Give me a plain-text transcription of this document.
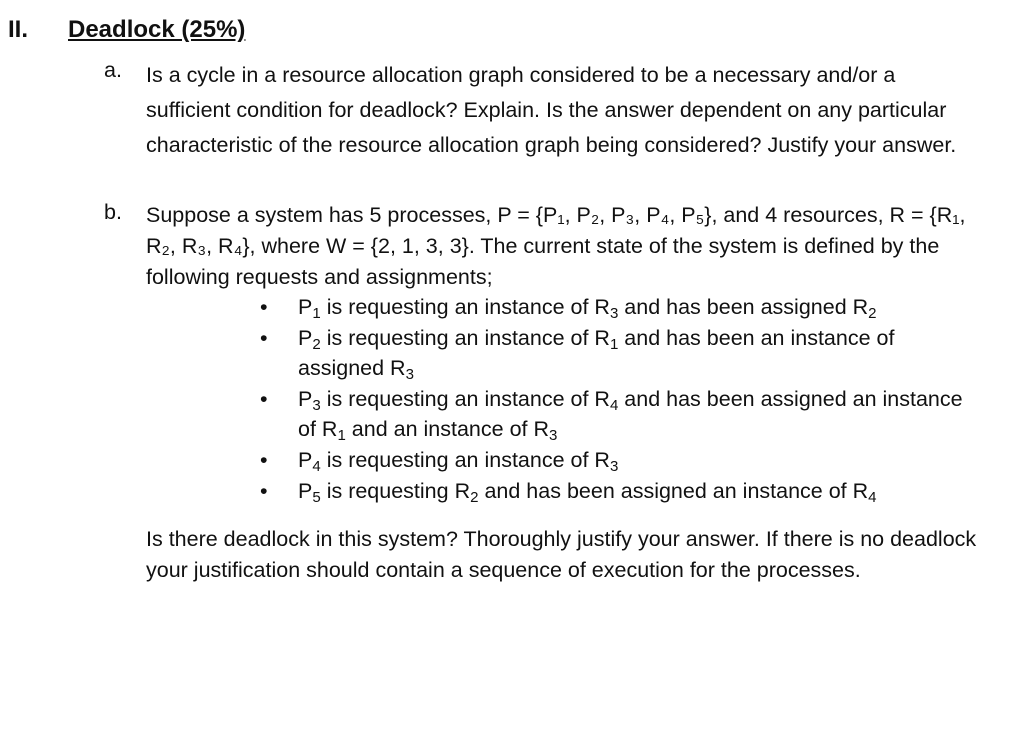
II. Deadlock (25%)
a. Is a cycle in a resource allocation graph considered to be a necessary and/or a sufficient condition for deadlock? Explain. Is the answer dependent on any particular characteristic of the resource allocation graph being considered? Justify your answer.
b. Suppose a system has 5 processes, P = {P₁, P₂, P₃, P₄, P₅}, and 4 resources, R = {R₁, R₂, R₃, R₄}, where W = {2, 1, 3, 3}. The current state of the system is defined by the following requests and assignments;
• $P_1$ is requesting an instance of $R_3$ and has been assigned $R_2$
• $P_2$ is requesting an instance of $R_1$ and has been an instance of assigned $R_3$
• $P_3$ is requesting an instance of $R_4$ and has been assigned an instance of $R_1$ and an instance of $R_3$
• $P_4$ is requesting an instance of $R_3$
• $P_5$ is requesting $R_2$ and has been assigned an instance of $R_4$
Is there deadlock in this system? Thoroughly justify your answer. If there is no deadlock your justification should contain a sequence of execution for the processes.
